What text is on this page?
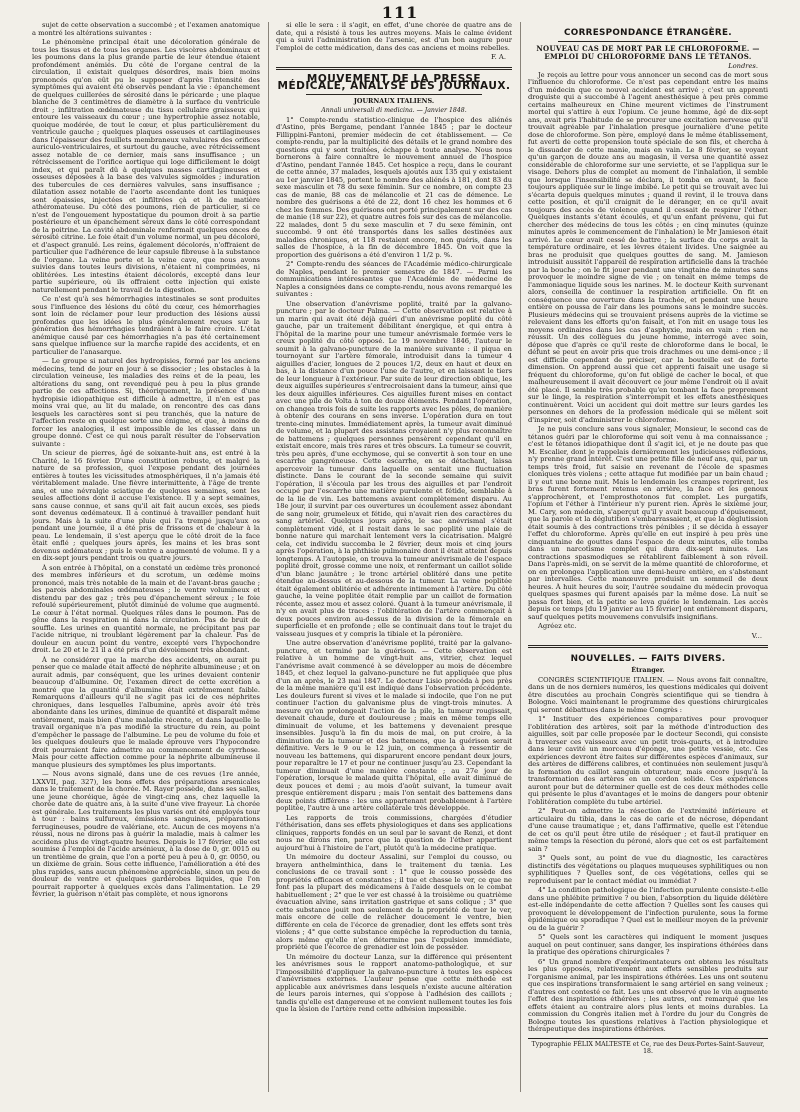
111

sujet de cette observation a succombé ; et l'examen anatomique a montré les altérations suivantes :

Le phénomène principal était une décoloration générale de tous les tissus et de tous les organes. Les viscères abdominaux et les poumons dans la plus grande partie de leur étendue étaient profondément anémiés. Du côté de l'organe central de la circulation, il existait quelques désordres, mais bien moins prononcés qu'on eût pu le supposer d'après l'intensité des symptômes qui avaient été observés pendant la vie : épanchement de quelques cuillerées de sérosité dans le péricarde ; une plaque blanche de 3 centimètres de diamètre à la surface du ventricule droit ; infiltration œdémateuse du tissu cellulaire graisseux qui entoure les vaisseaux du cœur ; une hypertrophie assez notable, quoique modérée, de tout le cœur, et plus particulièrement du ventricule gauche ; quelques plaques osseuses et cartilagineuses dans l'épaisseur des feuillets membraneux valvulaires des orifices auriculo-ventriculaires, et surtout du gauche, avec rétrécissement assez notable de ce dernier, mais sans insuffisance ; un rétrécissement de l'orifice aortique qui loge difficilement le doigt index, et qui paraît dû à quelques masses cartilagineuses et osseuses déposées à la base des valvules sigmoïdes ; induration des tubercules de ces dernières valvules, sans insuffisance ; dilatation assez notable de l'aorte ascendante dont les tuniques sont épaissies, injectées et infiltrées çà et là de matière athéromateuse. Du côté des poumons, rien de particulier, si ce n'est de l'engouement hypostatique du poumon droit à sa partie postérieure et un épanchement séreux dans le côté correspondant de la poitrine. La cavité abdominale renfermait quelques onces de sérosité citrine. Le foie était d'un volume normal, un peu décoloré, et d'aspect granulé. Les reins, également décolorés, n'offraient de particulier que l'adhérence de leur capsule fibreuse à la substance de l'organe. La veine porte et la veine cave, que nous avons suivies dans toutes leurs divisions, n'étaient ni comprimées, ni oblitérées. Les intestins étaient décolorés, excepté dans leur partie supérieure, où ils offraient cette injection qui existe naturellement pendant le travail de la digestion.

Ce n'est qu'à ses hémorrhagies intestinales se sont produites sous l'influence des lésions du côté du cœur, ces hémorrhagies sont loin de réclamer pour leur production des lésions aussi profondes que les idées le plus généralement reçues sur la génération des hémorrhagies tendraient à le faire croire. L'état anémique causé par ces hémorrhagies n'a pas été certainement sans quelque influence sur la marche rapide des accidents, et en particulier de l'anasarque.

— Le groupe si naturel des hydropisies, formé par les anciens médecins, tend de jour en jour à se dissocier ; les obstacles à la circulation veineuse, les maladies des reins et de la peau, les altérations du sang, ont revendiqué peu à peu la plus grande partie de ces affections. Si, théoriquement, la présence d'une hydropisie idiopathique est difficile à admettre, il n'en est pas moins vrai que, au lit du malade, on rencontre des cas dans lesquels les caractères sont si peu tranchés, que la nature de l'affection reste en quelque sorte une énigme, et que, à moins de forcer les analogies, il est impossible de les classer dans un groupe donné. C'est ce qui nous paraît résulter de l'observation suivante :

Un scieur de pierres, âgé de soixante-huit ans, est entré à la Charité, le 16 février. D'une constitution robuste, et malgré la nature de sa profession, quoi l'expose pendant des journées entières à toutes les vicissitudes atmosphériques, il n'a jamais été véritablement malade. Une fièvre intermittente, à l'âge de trente ans, et une névralgie sciatique de quelques semaines, sont les seules affections dont il accuse l'existence. Il y a sept semaines, sans cause connue, et sans qu'il ait fait aucun excès, ses pieds sont devenus œdémateux. Il a continué à travailler pendant huit jours. Mais à la suite d'une pluie qui l'a trempé jusqu'aux os pendant une journée, il a été pris de frissons et de chaleur à la peau. Le lendemain, il s'est aperçu que le côté droit de la face était enflé ; quelques jours après, les mains et les bras sont devenus œdémateux ; puis le ventre a augmenté de volume. Il y a en dix-sept jours pendant trois ou quatre jours.

À son entrée à l'hôpital, on a constaté un œdème très prononcé des membres inférieurs et du scrotum, un œdème moins prononcé, mais très notable de la main et de l'avant-bras gauche ; les parois abdominales œdémateuses ; le ventre volumineux et distendu par des gaz ; très peu d'épanchement séreux ; le foie refoulé supérieurement, plutôt diminué de volume que augmenté. Le cœur à l'état normal. Quelques râles dans le poumon. Pas de gêne dans la respiration ni dans la circulation. Pas de bruit de souffle. Les urines en quantité normale, ne précipitant pas par l'acide nitrique, ni troublant légèrement par la chaleur. Pas de douleur en aucun point du ventre, excepté vers l'hypochondre droit. Le 20 et le 21 il a été pris d'un dévoiement très abondant.

À ne considérer que la marche des accidents, on aurait pu penser que ce malade était affecté de néphrite albumineuse ; et on aurait admis, par conséquent, que les urines devaient contenir beaucoup d'albumine. Or, l'examen direct de cette excrétion a montré que la quantité d'albumine était extrêmement faible. Remarquons d'ailleurs qu'il ne s'agit pas ici de ces néphrites chroniques, dans lesquelles l'albumine, après avoir été très abondante dans les urines, diminue de quantité et disparaît même entièrement, mais bien d'une maladie récente, et dans laquelle le travail organique n'a pas modifié la structure du rein, au point d'empêcher le passage de l'albumine. Le peu de volume du foie et les quelques douleurs que le malade éprouve vers l'hypocondre droit pourraient faire admettre au commencement de cyrrhose. Mais pour cette affection comme pour la néphrite albumineuse il manque plusieurs des symptômes les plus importants.

— Nous avons signalé, dans une de ces revues (1re année, LXXVII, pag. 327), les bons effets des préparations arsenicales dans le traitement de la chorée. M. Rayer possède, dans ses salles, une jeune choréique, âgée de vingt-cinq ans, chez laquelle la chorée date de quatre ans, à la suite d'une vive frayeur. La chorée est générale. Les traitements les plus variés ont été employés tour à tour : bains sulfureux, émissions sanguines, préparations ferrugineuses, poudre de valériane, etc. Aucun de ces moyens n'a réussi, nous ne dirons pas à guérir la maladie, mais à calmer les accidens plus de vingt-quatre heures. Depuis le 17 février, elle est soumise à l'emploi de l'acide arsénieux, à la dose de 0, gr. 0015 ou un trentième de grain, que l'on a porté peu à peu à 0, gr. 0050, ou un dixième de grain. Sous cette influence, l'amélioration a été des plus rapides, sans aucun phénomène appréciable, sinon un peu de douleur de ventre et quelques garderobes liquides, que l'on pourrait rapporter à quelques excès dans l'alimentation. Le 29 février, la guérison n'était pas complète, et nous ignorons

si elle le sera : il s'agit, en effet, d'une chorée de quatre ans de date, qui a résisté à tous les autres moyens. Mais le calme évident qui a suivi l'administration de l'arsenic, est d'un bon augure pour l'emploi de cette médication, dans des cas anciens et moins rebelles.

F. A.
MOUVEMENT DE LA PRESSE MÉDICALE, ANALYSE DES JOURNAUX.
JOURNAUX ITALIENS.
Annali universali di medicina. — Janvier 1848.

1° Compte-rendu statistico-clinique de l'hospice des aliénés d'Astino, près Bergame, pendant l'année 1845 ; par le docteur Fillippini-Fantoni, premier médecin de cet établissement. — Ce compte-rendu, par la multiplicité des détails et le grand nombre des questions qui y sont traitées, échappe à toute analyse. Nous nous bornerons à faire connaître le mouvement annuel de l'hospice d'Astino, pendant l'année 1845. Cet hospice a reçu, dans le courant de cette année, 37 malades, lesquels ajoutés aux 135 qui y existaient au 1er janvier 1845, portent le nombre des aliénés à 181, dont 83 du sexe masculin et 78 du sexe féminin. Sur ce nombre, on compte 23 cas de manie, 88 cas de mélancolie et 21 cas de démence. Le nombre des guérisons a été de 22, dont 16 chez les hommes et 6 chez les femmes. Des guérisons ont porté principalement sur des cas de manie (18 sur 22), et quatre autres fois sur des cas de mélancolie. 22 malades, dont 5 du sexe masculin et 7 du sexe féminin, ont succombé. 9 ont été transportés dans les salles destinées aux maladies chroniques, et 118 restaient encore, non guéris, dans les salles de l'hospice, à la fin de décembre 1845. On voit que la proportion des guérisons a été d'environ 1 1/2 p. %.

2° Compte-rendu des séances de l'Académie médico-chirurgicale de Naples, pendant le premier semestre de 1847. — Parmi les communications intéressantes que l'Académie de médecine de Naples a consignées dans ce compte-rendu, nous avons remarqué les suivantes :

Une observation d'anévrisme poplité, traité par la galvano-puncture ; par le docteur Palma. — Cette observation est relative à un marin qui avait été déjà guéri d'un anévrisme poplité du côté gauche, par un traitement débilitant énergique, et qui entra à l'hôpital de la marine pour une tumeur anévrismale formée vers le creux poplité du côté opposé. Le 19 novembre 1846, l'auteur le soumit à la galvano-puncture de la manière suivante : il piqua en tournoyant sur l'artère fémorale, introduisit dans la tumeur 4 aiguilles d'acier, longues de 2 pouces 1/2, deux en haut et deux en bas, à la distance d'un pouce l'une de l'autre, et en laissant le tiers de leur longueur à l'extérieur. Par suite de leur direction oblique, les deux aiguilles supérieures s'entrecroisaient dans la tumeur, ainsi que les deux aiguilles inférieures. Ces aiguilles furent mises en contact avec une pile de Volta à ton de douze éléments. Pendant l'opération, on changea trois fois de suite les rapports avec les pôles, de manière à obtenir des courans en sens inverse. L'opération dura en tout trente-cinq minutes. Immédiatement après, la tumeur avait diminué de volume, et la plupart des assistans croyaient n'y plus reconnaître de battemens ; quelques personnes pensèrent cependant qu'il en existait encore, mais très rares et très obscurs. La tumeur se couvrit, très peu après, d'une ecchymose, qui se convertit à son tour en une escarrhe gangréneuse. Cette escarrhe, en se détachant, laissa apercevoir la tumeur dans laquelle on sentait une fluctuation distincte. Dans le courant de la seconde semaine qui suivit l'opération, il s'écoula par les trous des aiguilles et par l'endroit occupé par l'escarrhe une matière purulente et fétide, semblable à de la lie de vin. Les battemens avaient complètement disparu. Au 18e jour, il survint par ces ouvertures un écoulement assez abondant de sang noir, grumeleux et fétide, qui n'avait rien des caractères du sang artériel. Quelques jours après, le sac anévrismal s'était complètement vidé, et il restait dans le sac poplité une plaie de bonne nature qui marchait lentement vers la cicatrisation. Malgré cela, cet individu succomba le 2 février, deux mois et cinq jours après l'opération, à la phthisie pulmonaire dont il était atteint depuis longtemps. À l'autopsie, on trouva la tumeur anévrismale de l'espace poplité droit, grosse comme une noix, et renfermant un caillot solide d'un blanc jaunâtre ; le tronc artériel oblitéré dans une petite étendue au-dessus et au-dessous de la tumeur. La veine poplitée était également oblitérée et adhérente intimement à l'artère. Du côté gauche, la veine poplitée était remplie par un caillot de formation récente, assez mou et assez coloré. Quant à la tumeur anévrismale, il n'y en avait plus de traces : l'oblitération de l'artère commençait à deux pouces environ au-dessus de la division de la fémorale en superficielle et en profonde ; elle se continuait dans tout le trajet du vaisseau jusques et y compris la tibiale et la péronière.

Une autre observation d'anévrisme poplité, traité par la galvano-puncture, et terminé par la guérison. — Cette observation est relative à un homme de vingt-huit ans, vitrier, chez lequel l'anévrisme avait commencé à se développer au mois de décembre 1845, et chez lequel la galvano-puncture ne fut appliquée que plus d'un an après, le 23 mai 1847. Le docteur Lisio procéda à peu près de la même manière qu'il est indiqué dans l'observation précédente. Les douleurs furent si vives et le malade si indocile, que l'on ne put continuer l'action du galvanisme plus de vingt-trois minutes. À mesure qu'on prolongeait l'action de la pile, la tumeur rougissait, devenait chaude, dure et douloureuse ; mais en même temps elle diminuait de volume, et les battemens y devenaient presque insensibles. Jusqu'à la fin du mois de mai, on put croire, à la diminution de la tumeur et des battemens, que la guérison serait définitive. Vers le 9 ou le 12 juin, on commença à ressentir de nouveau les battemens, qui disparurent encore pendant deux jours, pour reparaître le 17 et pour ne continuer jusqu'au 23. Cependant la tumeur diminuait d'une manière constante ; au 27e jour de l'opération, lorsque le malade quitta l'hôpital, elle avait diminué de deux pouces et demi ; au mois d'août suivant, la tumeur avait presque entièrement disparu ; mais l'on sentait des battemens dans deux points différens : les uns appartenant probablement à l'artère poplitée, l'autre à une artère collatérale très développée.

Les rapports de trois commissions, chargées d'étudier l'éthérisation, dans ses effets physiologiques et dans ses applications cliniques, rapports fondés en un seul par le savant de Renzi, et dont nous ne dirons rien, parce que la question de l'éther appartient aujourd'hui à l'histoire de l'art, plutôt qu'à la médecine pratique.

Un mémoire du docteur Assalini, sur l'emploi du cousso, ou brayera anthelminthica, dans le traitement du tænia. Les conclusions de ce travail sont : 1° que le cousso possède des propriétés efficaces et constantes ; il tue et chasse le ver, ce que ne font pas la plupart des médicamens à l'aide desquels on le combat habituellement ; 2° que le ver est chassé à la troisième ou quatrième évacuation alvine, sans irritation gastrique et sans colique ; 3° que cette substance jouit non seulement de la propriété de tuer le ver, mais encore de celle de relâcher doucement le ventre, bien différente en cela de l'écorce de grenadier, dont les effets sont très violens ; 4° que cette substance empêche la reproduction du tænia, alors même qu'elle n'en détermine pas l'expulsion immédiate, propriété que l'écorce de grenadier est loin de posséder.

Un mémoire du docteur Lanza, sur la différence qui présentent les anévrismes sous le rapport anatomo-pathologique, et sur l'impossibilité d'appliquer la galvano-puncture à toutes les espèces d'anévrismes externes. L'auteur pense que cette méthode est applicable aux anévrismes dans lesquels n'existe aucune altération de leurs parois internes, qui s'oppose à l'adhésion des caillots ; tandis qu'elle est dangereuse et ne convient nullement toutes les fois que la lésion de l'artère rend cette adhésion impossible.

CORRESPONDANCE ÉTRANGÈRE.
NOUVEAU CAS DE MORT PAR LE CHLOROFORME. — EMPLOI DU CHLOROFORME DANS LE TÉTANOS.
Londres.

Je reçois au lettre pour vous annoncer un second cas de mort sous l'influence du chloroforme. Ce n'est pas cependant entre les mains d'un médecin que ce nouvel accident est arrivé ; c'est un apprenti droguiste qui a succombé à l'agent anesthésique à peu près comme certains malheureux en Chine meurent victimes de l'instrument mortel qui s'attire à eux l'opium. Ce jeune homme, âgé de dix-sept ans, avait pris l'habitude de se procurer une excitation nerveuse qu'il trouvait agréable par l'inhalation presque journalière d'une petite dose de chloroforme. Son père, employé dans le même établissement, fut averti de cette propension toute spéciale de son fils, et chercha à le dissuader de cette manie, mais en vain. Le 8 février, se voyant qu'un garçon de douze ans au magasin, il versa une quantité assez considérable de chloroforme sur une serviette, et se l'appliqua sur le visage. Dehors plus de complet au moment de l'inhalation, il semble que lorsque l'insensibilité se déclara, il tomba en avant, la face toujours appliquée sur le linge imbibé. Le petit qui se trouvait avec lui s'écarta depuis quelques minutes ; quand il revint, il le trouva dans cette position, et qu'il craignit de le déranger, en ce qu'il avait toujours des accès de violence quand il cessait de respirer l'éther. Quelques instants s'étant écoulés, et qu'un enfant prévenu, qui fut chercher des médecins de tous les côtés ; en cinq minutes (quinze minutes après le commencement de l'inhalation) le Mr Jamieson était arrivé. Le cœur avait cessé de battre ; la surface du corps avait la température ordinaire, et les lèvres étaient livides. Une saignée au bras ne produisit que quelques gouttes de sang. M. Jamieson introduisit aussitôt l'appareil de respiration artificielle dans la trachée par la bouche ; on le fit jouer pendant une vingtaine de minutes sans provoquer le moindre signe de vie ; on tenait en même temps de l'ammoniaque liquide sous les narines. M. le docteur Keith survenant alors, conseilla de continuer la respiration artificielle. On fit en conséquence une ouverture dans la trachée, et pendant une heure entière on poussa de l'air dans les poumons sans le moindre succès. Plusieurs médecins qui se trouvaient présens auprès de la victime se relevaient dans les efforts qu'on faisait, et l'on mit en usage tous les moyens ordinaires dans les cas d'asphyxie, mais en vain : rien ne réussit. Un des collègues du jeune homme, interrogé avec soin, dépose que d'après ce qu'il reste de chloroforme dans le bocal, le défunt se peut en avoir pris que trois drachmes ou une demi-once ; il est difficile cependant de préciser, car la bouteille est de forte dimension. On apprend aussi que cet apprenti faisait une usage si fréquent du chloroforme, qu'on fut obligé de cacher le bocal, et que malheureusement il avait découvert ce jour même l'endroit où il avait été placé. Il semble très probable qu'en tombant la face proprement sur le linge, la respiration s'interrompit et les effets anesthésiques continuèrent. Voici un accident qui doit mettre sur leurs gardes les personnes en dehors de la profession médicale qui se mêlent soit d'inspirer, soit d'administrer le chloroforme.

Je ne puis conclure sans vous signaler, Monsieur, le second cas de tétanos guéri par le chloroforme qui soit venu à ma connaissance ; c'est le tétanos idiopathique dont il s'agit ici, et je ne doute pas que M. Escalier, dont je rappelais dernièrement les judicieuses réflexions, n'y prenne grand intérêt. C'est une petite fille de neuf ans, qui, par un temps très froid, fut saisie en revenant de l'école de spasmes cloniques très violens ; cette attaque fut modifiée par un bain chaud ; il y eut une bonne nuit. Mais le lendemain les crampes reprirent, les bras furent fortement retenus en arrière, la face et les genoux s'approchèrent, et l'emprosthotonos fut complet. Les purgatifs, l'opium et l'éther à l'intérieur n'y purent rien. Après le sixième jour, M. Cary, son médecin, s'aperçut qu'il y avait beaucoup d'épuisement, que la parole et la déglutition s'embarrassaient, et que la déglutission était soumis à des contractions très pénibles ; il se décida à essayer l'effet du chloroforme. Après qu'elle en eut inspiré à peu près une cinquantaine de gouttes dans l'espace de deux minutes, elle tomba dans un narcotisme complet qui dura dix-sept minutes. Les contractions spasmodiques se rétablirent faiblement à son réveil. Dans l'après-midi, on se servit de la même quantité de chloroforme, et on en prolongea l'application une demi-heure entière, en s'abstenant par intervalles. Cette manœuvre produisit un sommeil de deux heures. À huit heures du soir, l'autrée soudaine du médecin provoqua quelques spasmes qui furent apaisés par la même dose. La nuit se passa fort bien, et la petite se leva guérie le lendemain. Les accès depuis ce temps [du 19 janvier au 15 février] ont entièrement disparu, sauf quelques petits mouvemens convulsifs insignifians.

Agréez etc.

V...
NOUVELLES. — FAITS DIVERS.
Étranger.

CONGRÈS SCIENTIFIQUE ITALIEN. — Nous avons fait connaître, dans un de nos derniers numéros, les questions médicales qui doivent être discutées au prochain Congrès scientifique qui se tiendra à Bologne. Voici maintenant le programme des questions chirurgicales qui seront débattues dans le même Congrès :

1° Instituer des expériences comparatives pour provoquer l'oblitération des artères, soit par la méthode d'introduction des aiguilles, soit par celle proposée par le docteur Secondi, qui consiste à traverser ces vaisseaux avec un petit trois-quarts, et à introduire dans leur cavité un morceau d'éponge, une petite vessie, etc. Ces expériences devront être faites sur différentes espèces d'animaux, sur des artères de différens calibres, et continuées non seulement jusqu'à la formation du caillot sanguin obturateur, mais encore jusqu'à la transformation des artères en un cordon solide. Ces expériences auront pour but de déterminer quelle est de ces deux méthodes celle qui présente le plus d'avantages et le moins de dangers pour obtenir l'oblitération complète du tube artériel.

2° Peut-on admettre la résection de l'extrémité inférieure et articulaire du tibia, dans le cas de carie et de nécrose, dépendant d'une cause traumatique ; et, dans l'affirmative, quelle est l'étendue de cet os qu'il peut être utile de réséquer ; et faut-il pratiquer en même temps la résection du péroné, alors que cet os est parfaitement sain ?

3° Quels sont, au point de vue du diagnostic, les caractères distinctifs des végétations ou plaques muqueuses syphilitiques ou non syphilitiques ? Quelles sont, de ces végétations, celles qui se reproduisent par le contact médiat ou immédiat ?

4° La condition pathologique de l'infection purulente consiste-t-elle dans une phlébite primitive ? ou bien, l'absorption du liquide délétère est-elle indépendante de cette affection ? Quelles sont les causes qui provoquent le développement de l'infection purulente, sous la forme épidémique ou sporadique ? Quel est le meilleur moyen de la prévenir ou de la guérir ?

5° Quels sont les caractères qui indiquent le moment jusques auquel on peut continuer, sans danger, les inspirations éthérées dans la pratique des opérations chirurgicales ?

6° Un grand nombre d'expérimentateurs ont obtenu les résultats les plus opposés, relativement aux effets sensibles produits sur l'organisme animal, par les inspirations éthérées. Les uns ont soutenu que ces inspirations transformaient le sang artériel en sang veineux ; d'autres ont contesté ce fait. Les uns ont observé que le vin augmente l'effet des inspirations éthérées ; les autres, ont remarqué que les effets étaient au contraire alors plus lents et moins durables. La commission du Congrès italien met à l'ordre du jour du Congrès de Bologne toutes les questions relatives à l'action physiologique et thérapeutique des inspirations éthérées.

Typographie FÉLIX MALTESTE et Ce, rue des Deux-Portes-Saint-Sauveur, 18.
